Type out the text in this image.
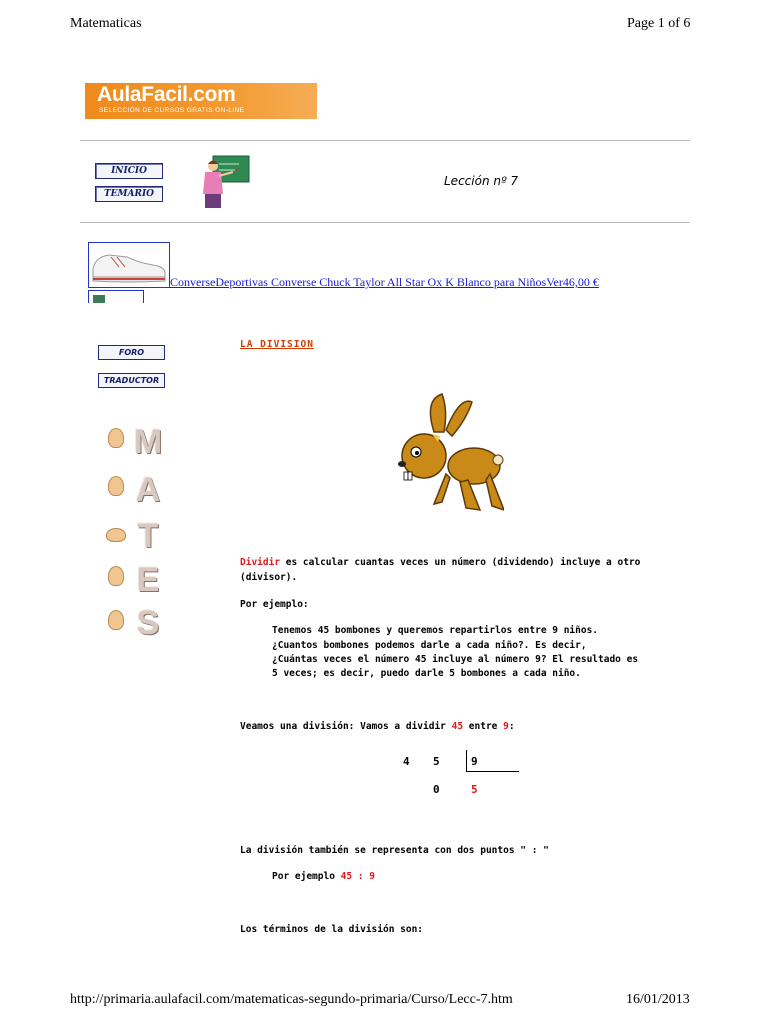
Matematicas	Page 1 of 6
AulaFacil.com
SELECCIÓN DE CURSOS GRATIS ON-LINE
INICIO
TEMARIO
Lección nº 7
ConverseDeportivas Converse Chuck Taylor All Star Ox K Blanco para NiñosVer46,00 €
FORO
TRADUCTOR
M
A
T
E
S
LA DIVISION
Dividir es calcular cuantas veces un número (dividendo) incluye a otro
(divisor).
Por ejemplo:
Tenemos 45 bombones y queremos repartirlos entre 9 niños.
¿Cuantos bombones podemos darle a cada niño?. Es decir,
¿Cuántas veces el número 45 incluye al número 9? El resultado es
5 veces; es decir, puedo darle 5 bombones a cada niño.
Veamos una división: Vamos a dividir 45 entre 9:
4 5	9
0	5
La división también se representa con dos puntos " : "
Por ejemplo 45 : 9
Los términos de la división son:
http://primaria.aulafacil.com/matematicas-segundo-primaria/Curso/Lecc-7.htm	16/01/2013
